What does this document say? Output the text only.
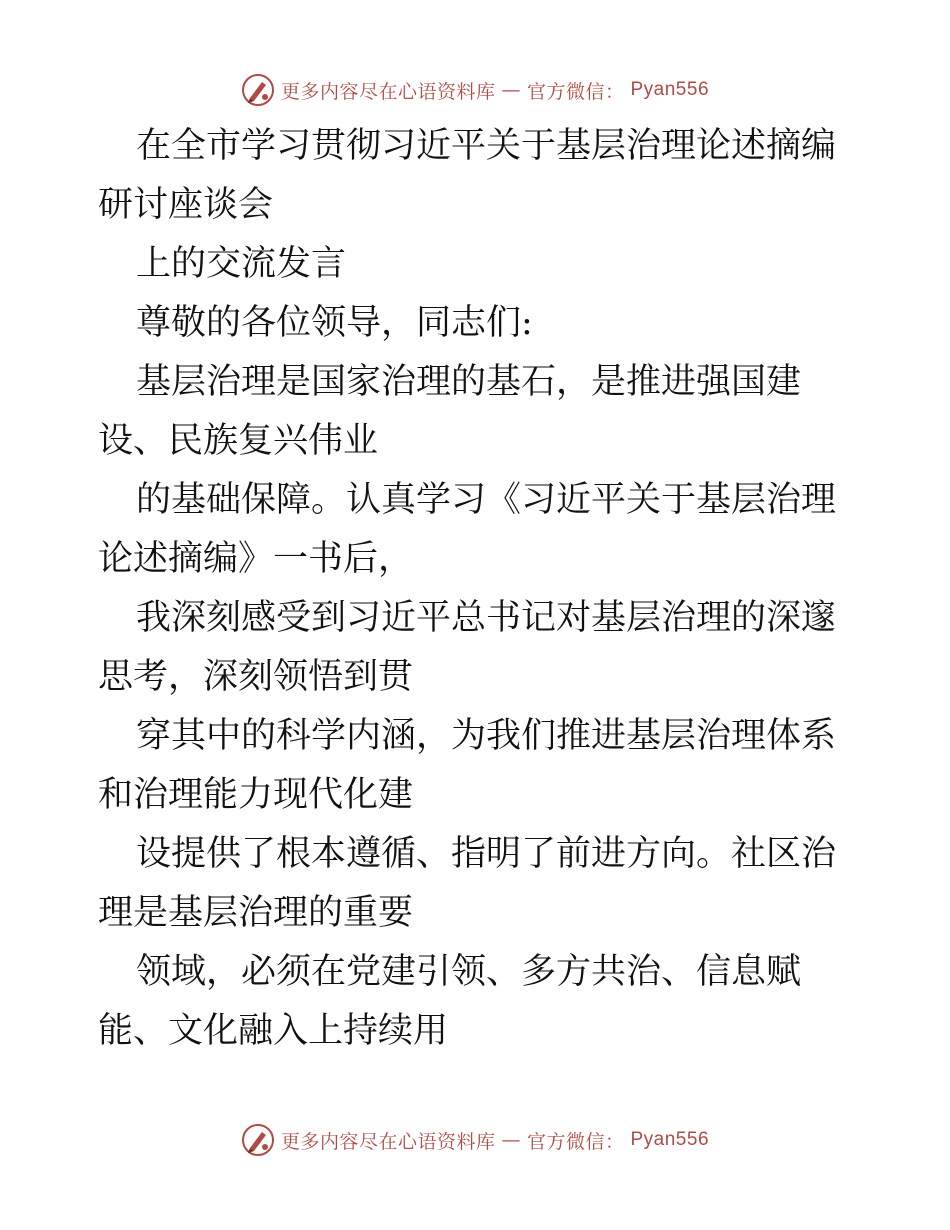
更多内容尽在心语资料库 — 官方微信： Pyan556

在全市学习贯彻习近平关于基层治理论述摘编研讨座谈会

上的交流发言

尊敬的各位领导，同志们:

基层治理是国家治理的基石，是推进强国建设、民族复兴伟业

的基础保障。认真学习《习近平关于基层治理论述摘编》一书后，

我深刻感受到习近平总书记对基层治理的深邃思考，深刻领悟到贯

穿其中的科学内涵，为我们推进基层治理体系和治理能力现代化建

设提供了根本遵循、指明了前进方向。社区治理是基层治理的重要

领域，必须在党建引领、多方共治、信息赋能、文化融入上持续用

更多内容尽在心语资料库 — 官方微信： Pyan556
